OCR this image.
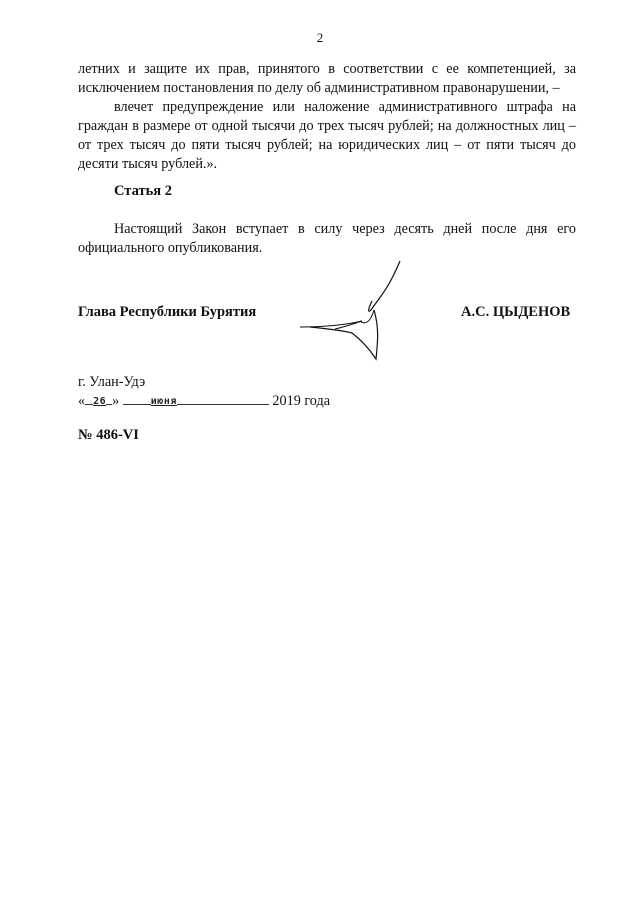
2

летних и защите их прав, принятого в соответствии с ее компетенцией, за исключением постановления по делу об административном правонарушении, –

влечет предупреждение или наложение административного штрафа на граждан в размере от одной тысячи до трех тысяч рублей; на должностных лиц – от трех тысяч до пяти тысяч рублей; на юридических лиц – от пяти тысяч до десяти тысяч рублей.».

Статья 2

Настоящий Закон вступает в силу через десять дней после дня его официального опубликования.

Глава Республики Бурятия	А.С. ЦЫДЕНОВ
г. Улан-Удэ
« 26 »	июня	2019 года
№ 486-VI
